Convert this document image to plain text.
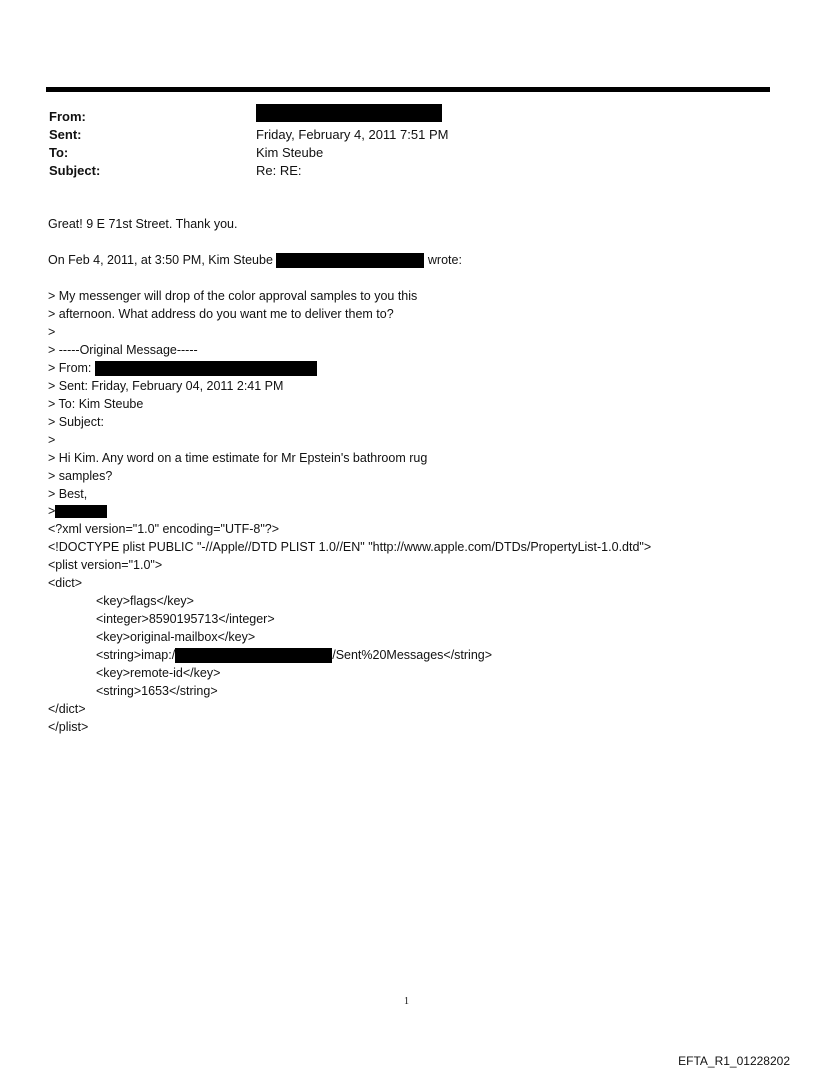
From:
Sent:	Friday, February 4, 2011 7:51 PM
To:	Kim Steube
Subject:	Re: RE:
Great! 9 E 71st Street. Thank you.
On Feb 4, 2011, at 3:50 PM, Kim Steube	wrote:
> My messenger will drop of the color approval samples to you this
> afternoon. What address do you want me to deliver them to?
>
> -----Original Message-----
> From:
> Sent: Friday, February 04, 2011 2:41 PM
> To: Kim Steube
> Subject:
>
> Hi Kim. Any word on a time estimate for Mr Epstein's bathroom rug
> samples?
> Best,
>
<?xml version="1.0" encoding="UTF-8"?>
<!DOCTYPE plist PUBLIC "-//Apple//DTD PLIST 1.0//EN" "http://www.apple.com/DTDs/PropertyList-1.0.dtd">
<plist version="1.0">
<dict>
<key>flags</key>
<integer>8590195713</integer>
<key>original-mailbox</key>
<string>imap:/	/Sent%20Messages</string>
<key>remote-id</key>
<string>1653</string>
</dict>
</plist>
1
EFTA_R1_01228202
